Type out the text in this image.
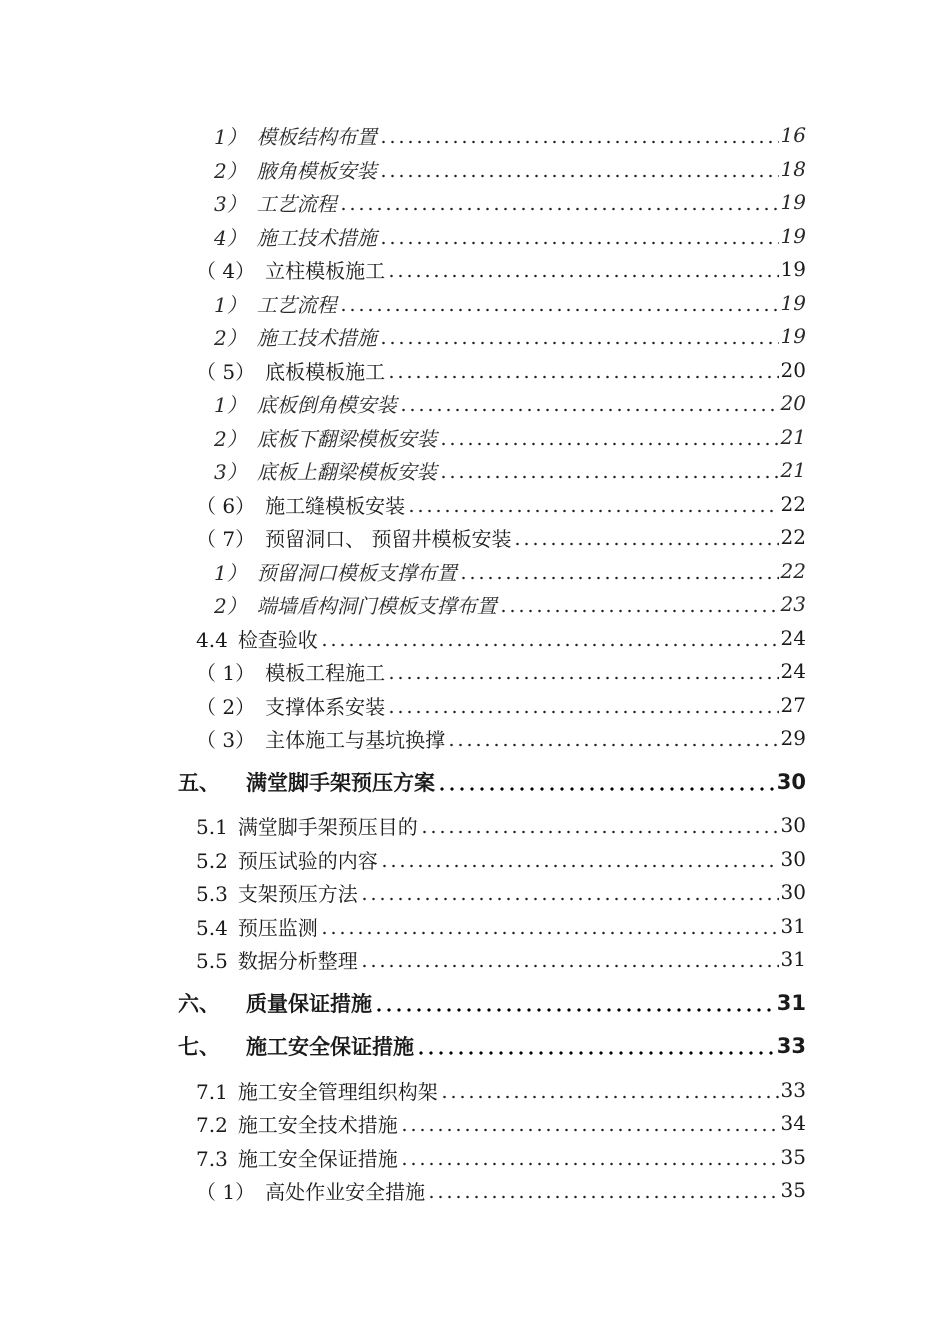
1） 模板结构布置	16
2） 腋角模板安装	18
3） 工艺流程	19
4） 施工技术措施	19
（ 4） 立柱模板施工	19
1） 工艺流程	19
2） 施工技术措施	19
（ 5） 底板模板施工	20
1） 底板倒角模安装	20
2） 底板下翻梁模板安装	21
3） 底板上翻梁模板安装	21
（ 6） 施工缝模板安装	22
（ 7） 预留洞口、 预留井模板安装	22
1） 预留洞口模板支撑布置	22
2） 端墙盾构洞门模板支撑布置	23
4.4 检查验收	24
（ 1） 模板工程施工	24
（ 2） 支撑体系安装	27
（ 3） 主体施工与基坑换撑	29
五、 满堂脚手架预压方案	30
5.1 满堂脚手架预压目的	30
5.2 预压试验的内容	30
5.3 支架预压方法	30
5.4 预压监测	31
5.5 数据分析整理	31
六、 质量保证措施	31
七、 施工安全保证措施	33
7.1 施工安全管理组织构架	33
7.2 施工安全技术措施	34
7.3 施工安全保证措施	35
（ 1） 高处作业安全措施	35
